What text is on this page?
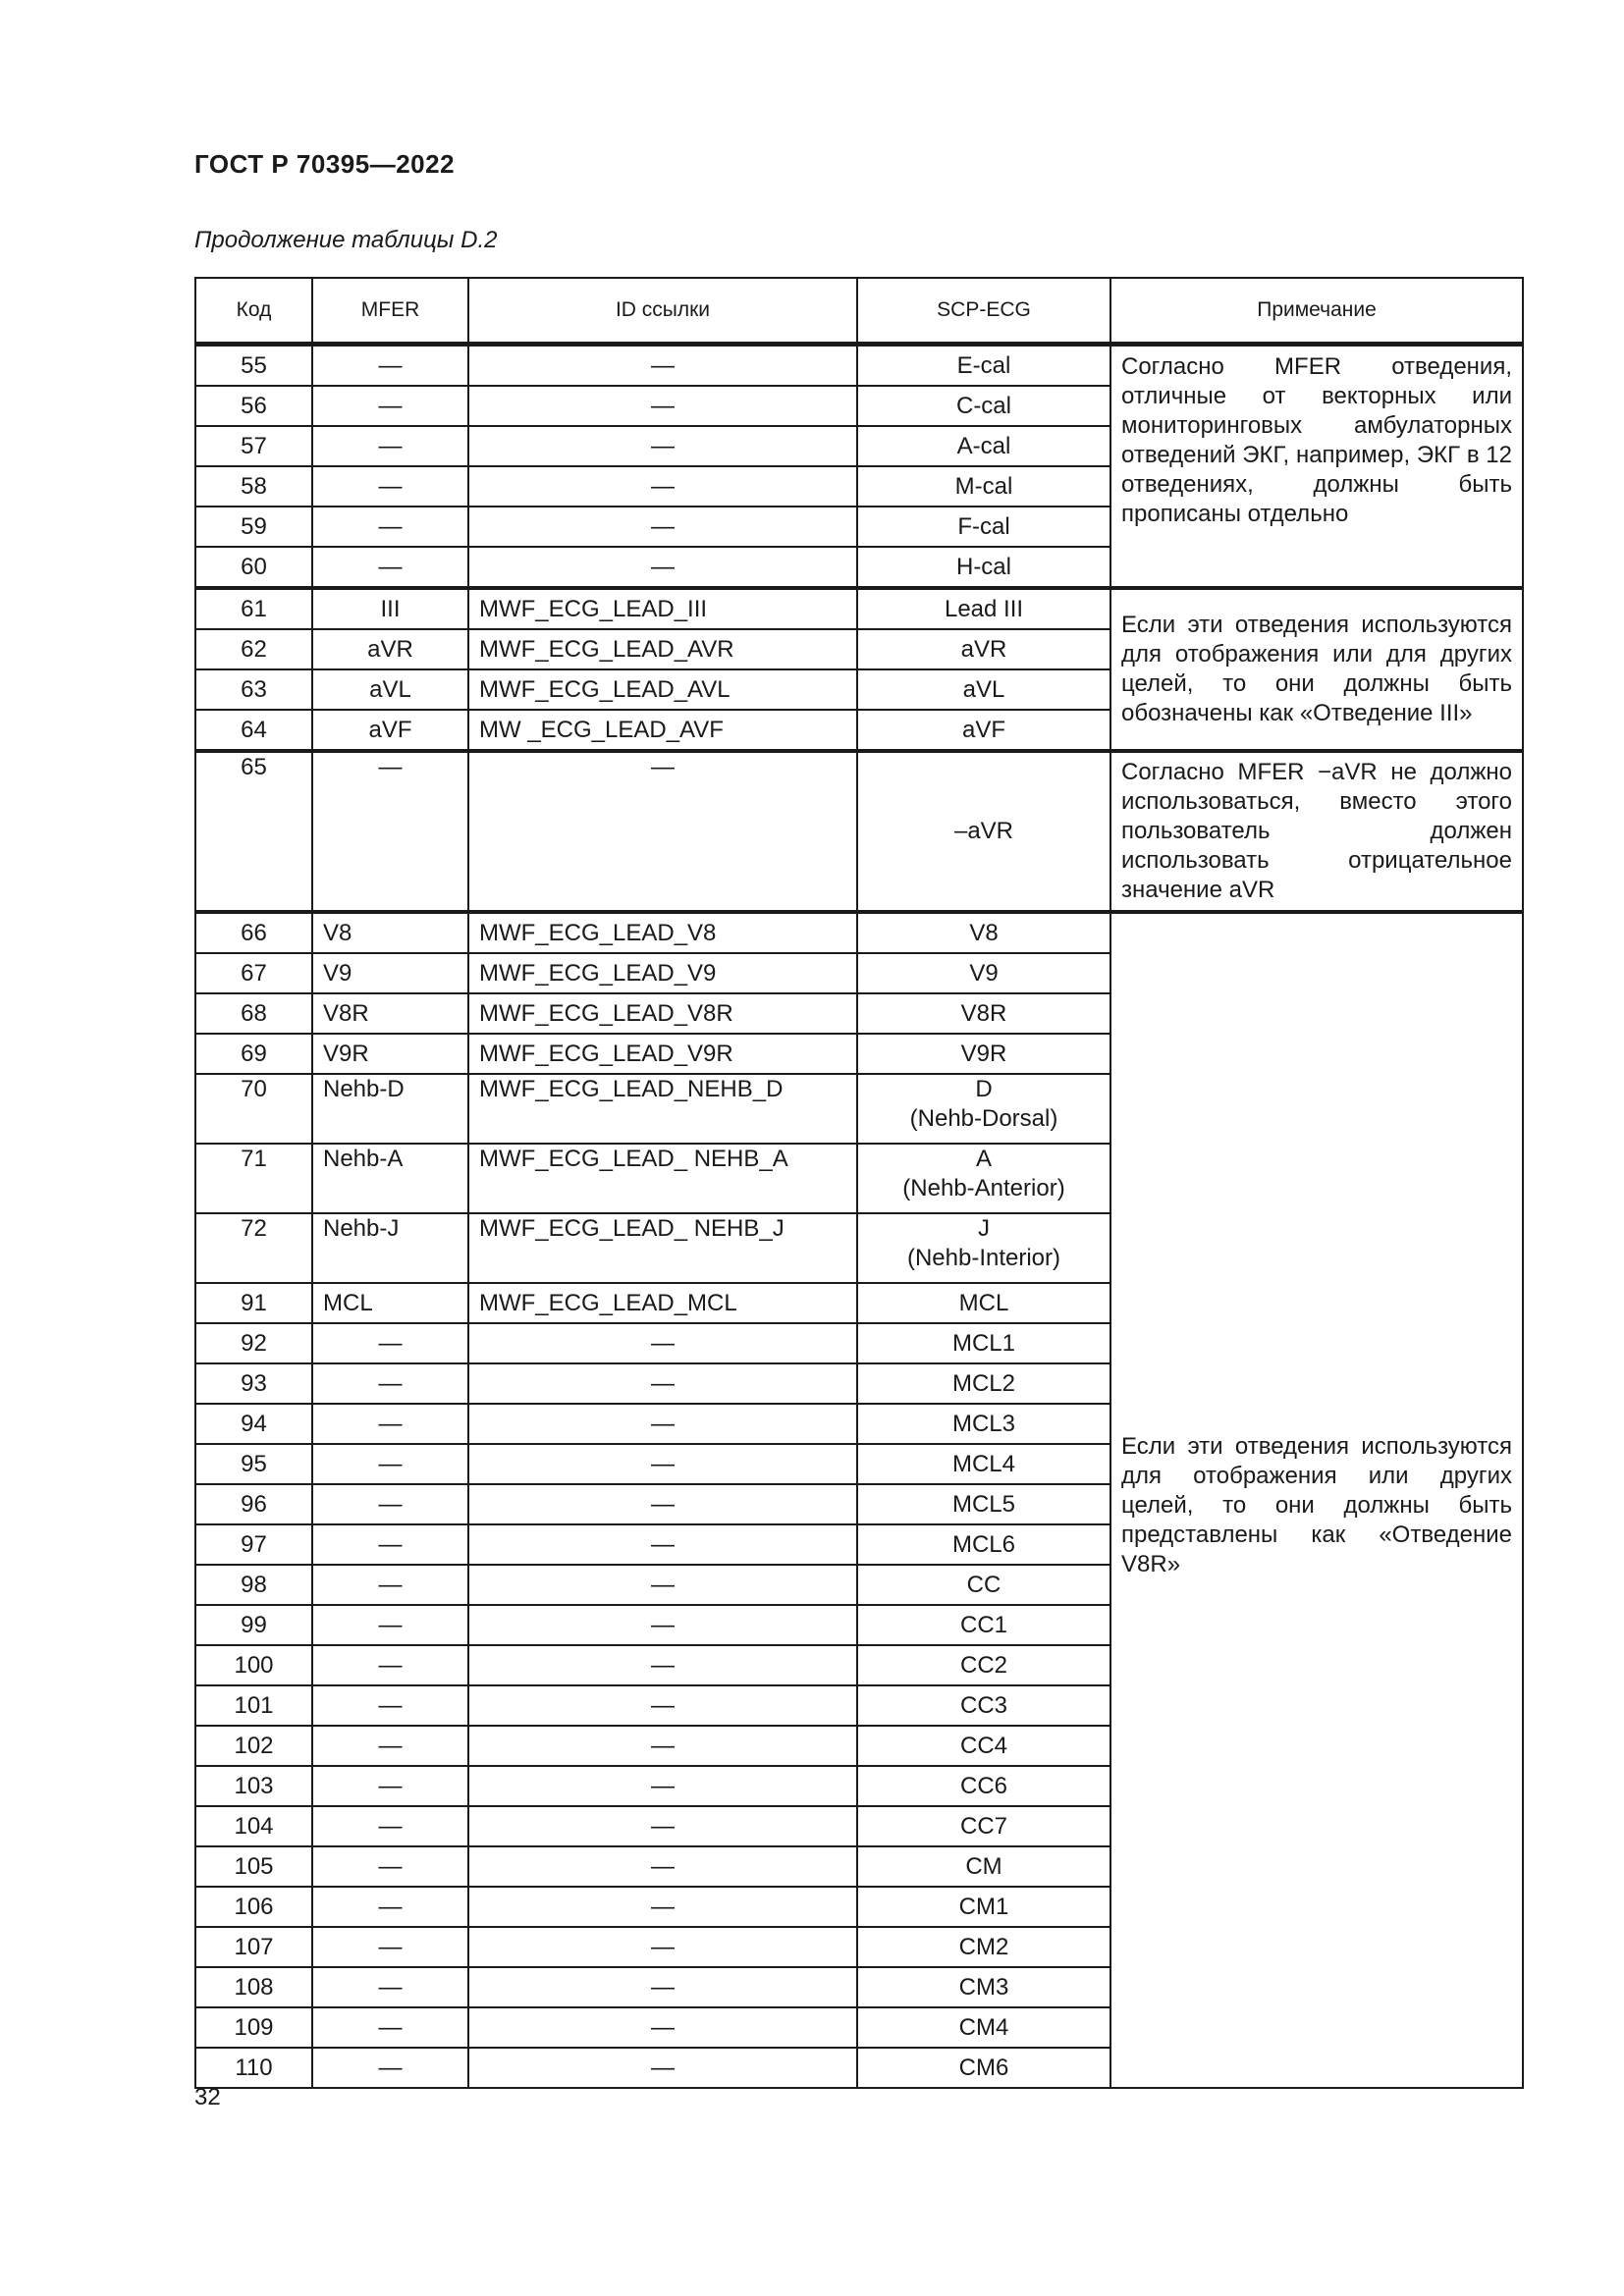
ГОСТ Р 70395—2022
Продолжение таблицы D.2
Код	MFER	ID ссылки	SCP-ECG	Примечание
55	—	—	E-cal	Согласно MFER отведения, отличные от векторных или мониторинговых амбулаторных отведений ЭКГ, например, ЭКГ в 12 отведениях, должны быть прописаны отдельно
56	—	—	C-cal	
57	—	—	A-cal	
58	—	—	M-cal	
59	—	—	F-cal	
60	—	—	H-cal	
61	III	MWF_ECG_LEAD_III	Lead III	Если эти отведения используются для отображения или для других целей, то они должны быть обозначены как «Отведение III»
62	aVR	MWF_ECG_LEAD_AVR	aVR	
63	aVL	MWF_ECG_LEAD_AVL	aVL	
64	aVF	MW _ECG_LEAD_AVF	aVF	
65	—	—	–aVR	Согласно MFER −aVR не должно использоваться, вместо этого пользователь должен использовать отрицательное значение aVR
66	V8	MWF_ECG_LEAD_V8	V8	Если эти отведения используются для отображения или других целей, то они должны быть представлены как «Отведение V8R»
67	V9	MWF_ECG_LEAD_V9	V9	
68	V8R	MWF_ECG_LEAD_V8R	V8R	
69	V9R	MWF_ECG_LEAD_V9R	V9R	
70	Nehb-D	MWF_ECG_LEAD_NEHB_D	D
(Nehb-Dorsal)	

71	Nehb-A	MWF_ECG_LEAD_ NEHB_A	A
(Nehb-Anterior)	

72	Nehb-J	MWF_ECG_LEAD_ NEHB_J	J
(Nehb-Interior)	

91	MCL	MWF_ECG_LEAD_MCL	MCL	
92	—	—	MCL1	
93	—	—	MCL2	
94	—	—	MCL3	
95	—	—	MCL4	
96	—	—	MCL5	
97	—	—	MCL6	
98	—	—	CC	
99	—	—	CC1	
100	—	—	CC2	
101	—	—	CC3	
102	—	—	CC4	
103	—	—	CC6	
104	—	—	CC7	
105	—	—	CM	
106	—	—	CM1	
107	—	—	CM2	
108	—	—	CM3	
109	—	—	CM4	
110	—	—	CM6	
32
